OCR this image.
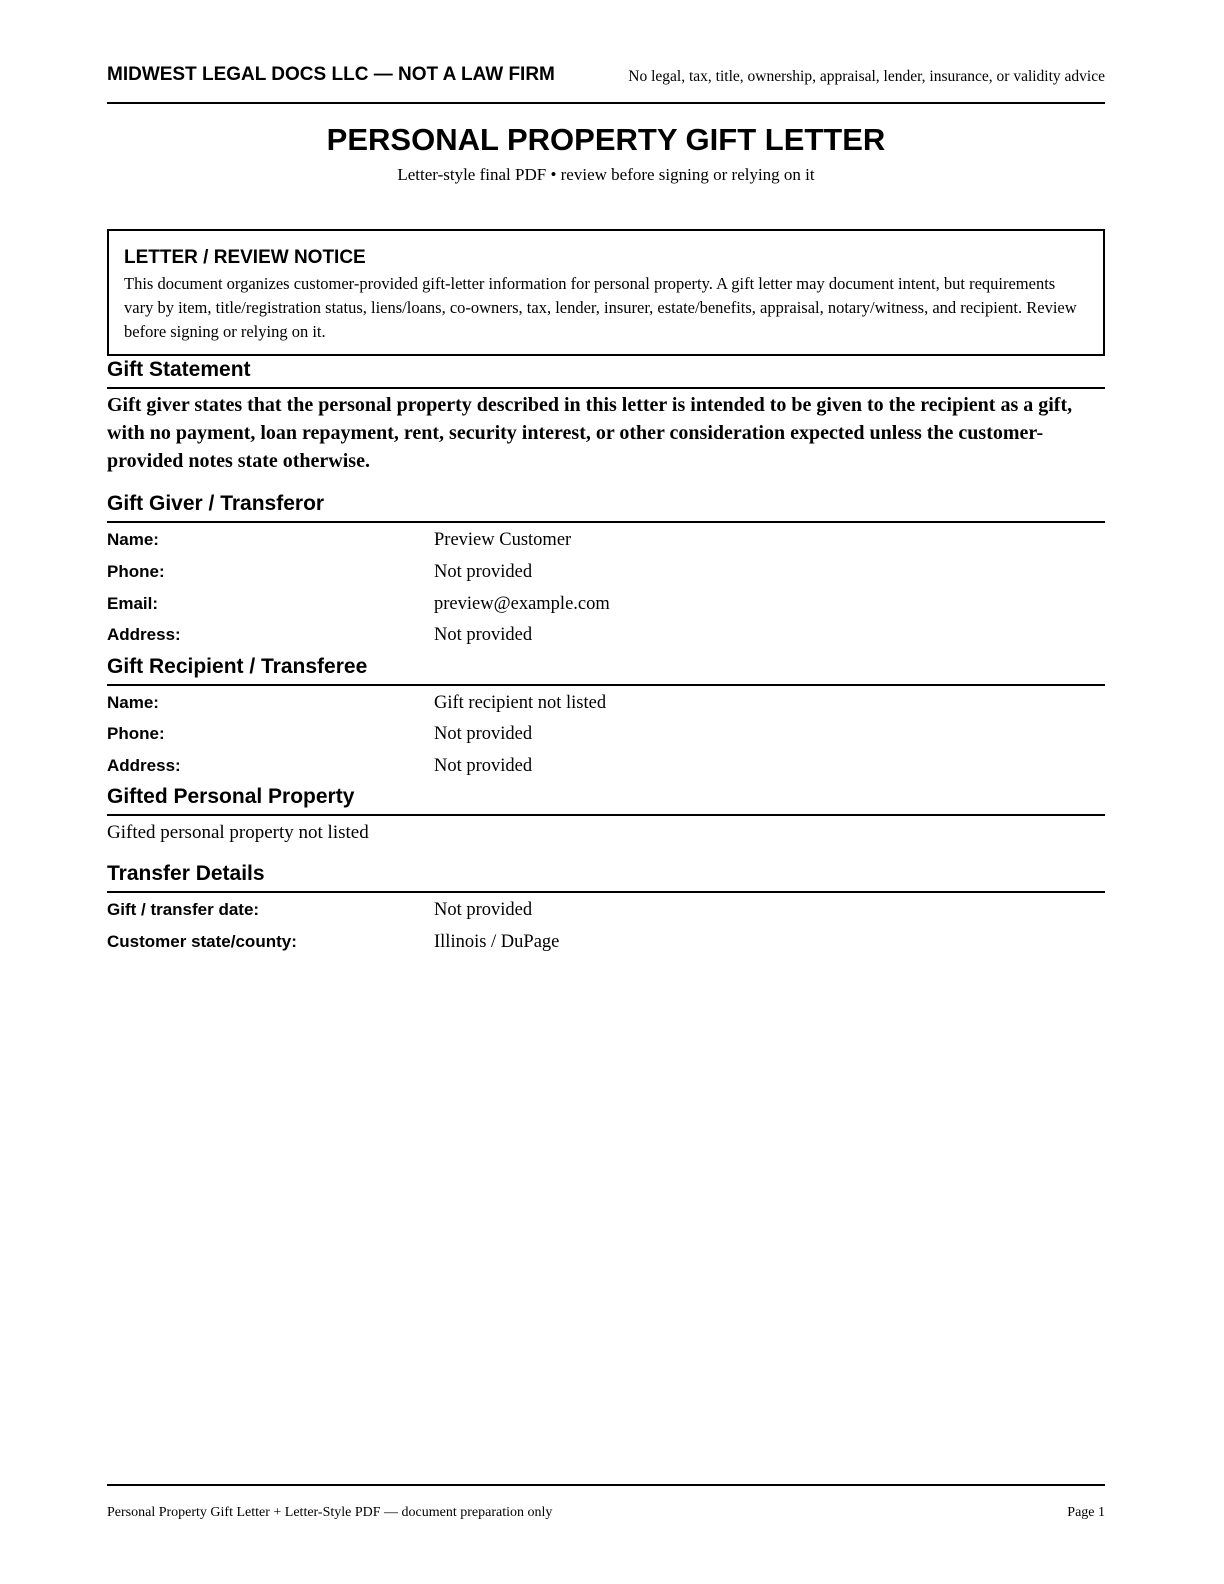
MIDWEST LEGAL DOCS LLC — NOT A LAW FIRM	No legal, tax, title, ownership, appraisal, lender, insurance, or validity advice
PERSONAL PROPERTY GIFT LETTER
Letter-style final PDF • review before signing or relying on it
LETTER / REVIEW NOTICE
This document organizes customer-provided gift-letter information for personal property. A gift letter may document intent, but requirements vary by item, title/registration status, liens/loans, co-owners, tax, lender, insurer, estate/benefits, appraisal, notary/witness, and recipient. Review before signing or relying on it.
Gift Statement
Gift giver states that the personal property described in this letter is intended to be given to the recipient as a gift, with no payment, loan repayment, rent, security interest, or other consideration expected unless the customer-provided notes state otherwise.
Gift Giver / Transferor
Name:	Preview Customer
Phone:	Not provided
Email:	preview@example.com
Address:	Not provided
Gift Recipient / Transferee
Name:	Gift recipient not listed
Phone:	Not provided
Address:	Not provided
Gifted Personal Property
Gifted personal property not listed
Transfer Details
Gift / transfer date:	Not provided
Customer state/county:	Illinois / DuPage
Personal Property Gift Letter + Letter-Style PDF — document preparation only	Page 1
